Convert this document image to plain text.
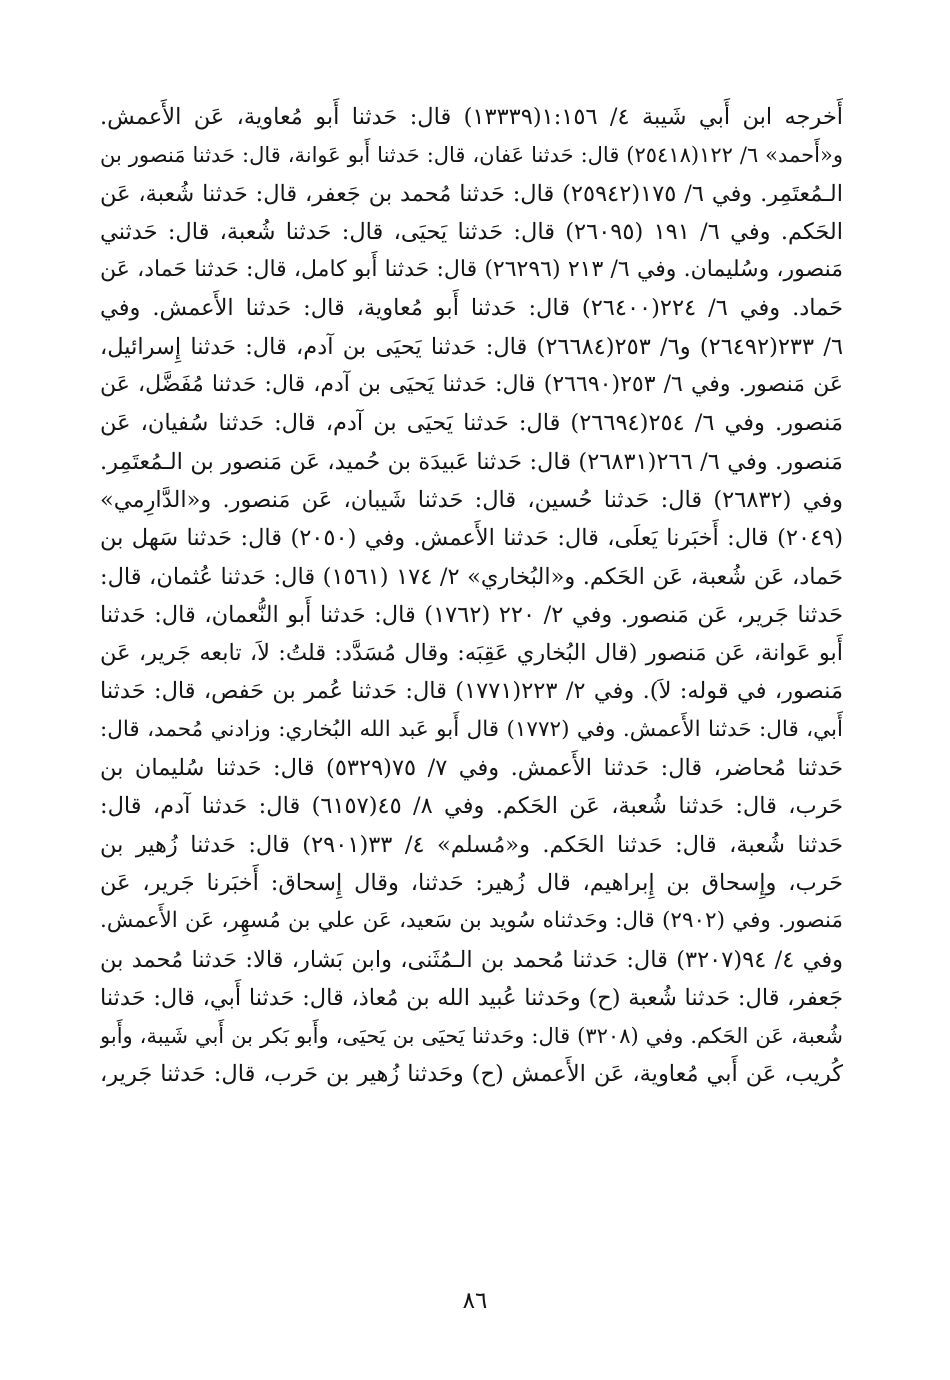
أَخرجه ابن أَبي شَيبة ٤/ ١:١٥٦(١٣٣٣٩) قال: حَدثنا أَبو مُعاوية، عَن الأَعمش.
و«أَحمد» ٦/ ١٢٢(٢٥٤١٨) قال: حَدثنا عَفان، قال: حَدثنا أَبو عَوانة، قال: حَدثنا مَنصور بن
الـمُعتَمِر. وفي ٦/ ١٧٥(٢٥٩٤٢) قال: حَدثنا مُحمد بن جَعفر، قال: حَدثنا شُعبة، عَن
الحَكم. وفي ٦/ ١٩١ (٢٦٠٩٥) قال: حَدثنا يَحيَى، قال: حَدثنا شُعبة، قال: حَدثني
مَنصور، وسُليمان. وفي ٦/ ٢١٣ (٢٦٢٩٦) قال: حَدثنا أَبو كامل، قال: حَدثنا حَماد، عَن
حَماد. وفي ٦/ ٢٢٤(٢٦٤٠٠) قال: حَدثنا أَبو مُعاوية، قال: حَدثنا الأَعمش. وفي
٦/ ٢٣٣(٢٦٤٩٢) و٦/ ٢٥٣(٢٦٦٨٤) قال: حَدثنا يَحيَى بن آدم، قال: حَدثنا إِسرائيل،
عَن مَنصور. وفي ٦/ ٢٥٣(٢٦٦٩٠) قال: حَدثنا يَحيَى بن آدم، قال: حَدثنا مُفَضَّل، عَن
مَنصور. وفي ٦/ ٢٥٤(٢٦٦٩٤) قال: حَدثنا يَحيَى بن آدم، قال: حَدثنا سُفيان، عَن
مَنصور. وفي ٦/ ٢٦٦(٢٦٨٣١) قال: حَدثنا عَبيدَة بن حُميد، عَن مَنصور بن الـمُعتَمِر.
وفي (٢٦٨٣٢) قال: حَدثنا حُسين، قال: حَدثنا شَيبان، عَن مَنصور. و«الدَّارِمي»
(٢٠٤٩) قال: أَخبَرنا يَعلَى، قال: حَدثنا الأَعمش. وفي (٢٠٥٠) قال: حَدثنا سَهل بن
حَماد، عَن شُعبة، عَن الحَكم. و«البُخاري» ٢/ ١٧٤ (١٥٦١) قال: حَدثنا عُثمان، قال:
حَدثنا جَرير، عَن مَنصور. وفي ٢/ ٢٢٠ (١٧٦٢) قال: حَدثنا أَبو النُّعمان، قال: حَدثنا
أَبو عَوانة، عَن مَنصور (قال البُخاري عَقِبَه: وقال مُسَدَّد: قلتُ: لاَ، تابعه جَرير، عَن
مَنصور، في قوله: لاَ). وفي ٢/ ٢٢٣(١٧٧١) قال: حَدثنا عُمر بن حَفص، قال: حَدثنا
أَبي، قال: حَدثنا الأَعمش. وفي (١٧٧٢) قال أَبو عَبد الله البُخاري: وزادني مُحمد، قال:
حَدثنا مُحاضر، قال: حَدثنا الأَعمش. وفي ٧/ ٧٥(٥٣٢٩) قال: حَدثنا سُليمان بن
حَرب، قال: حَدثنا شُعبة، عَن الحَكم. وفي ٨/ ٤٥(٦١٥٧) قال: حَدثنا آدم، قال:
حَدثنا شُعبة، قال: حَدثنا الحَكم. و«مُسلم» ٤/ ٣٣(٢٩٠١) قال: حَدثنا زُهير بن
حَرب، وإِسحاق بن إِبراهيم، قال زُهير: حَدثنا، وقال إِسحاق: أَخبَرنا جَرير، عَن
مَنصور. وفي (٢٩٠٢) قال: وحَدثناه سُويد بن سَعيد، عَن علي بن مُسهِر، عَن الأَعمش.
وفي ٤/ ٩٤(٣٢٠٧) قال: حَدثنا مُحمد بن الـمُثَنى، وابن بَشار، قالا: حَدثنا مُحمد بن
جَعفر، قال: حَدثنا شُعبة (ح) وحَدثنا عُبيد الله بن مُعاذ، قال: حَدثنا أَبي، قال: حَدثنا
شُعبة، عَن الحَكم. وفي (٣٢٠٨) قال: وحَدثنا يَحيَى بن يَحيَى، وأَبو بَكر بن أَبي شَيبة، وأَبو
كُريب، عَن أَبي مُعاوية، عَن الأَعمش (ح) وحَدثنا زُهير بن حَرب، قال: حَدثنا جَرير،
٨٦
